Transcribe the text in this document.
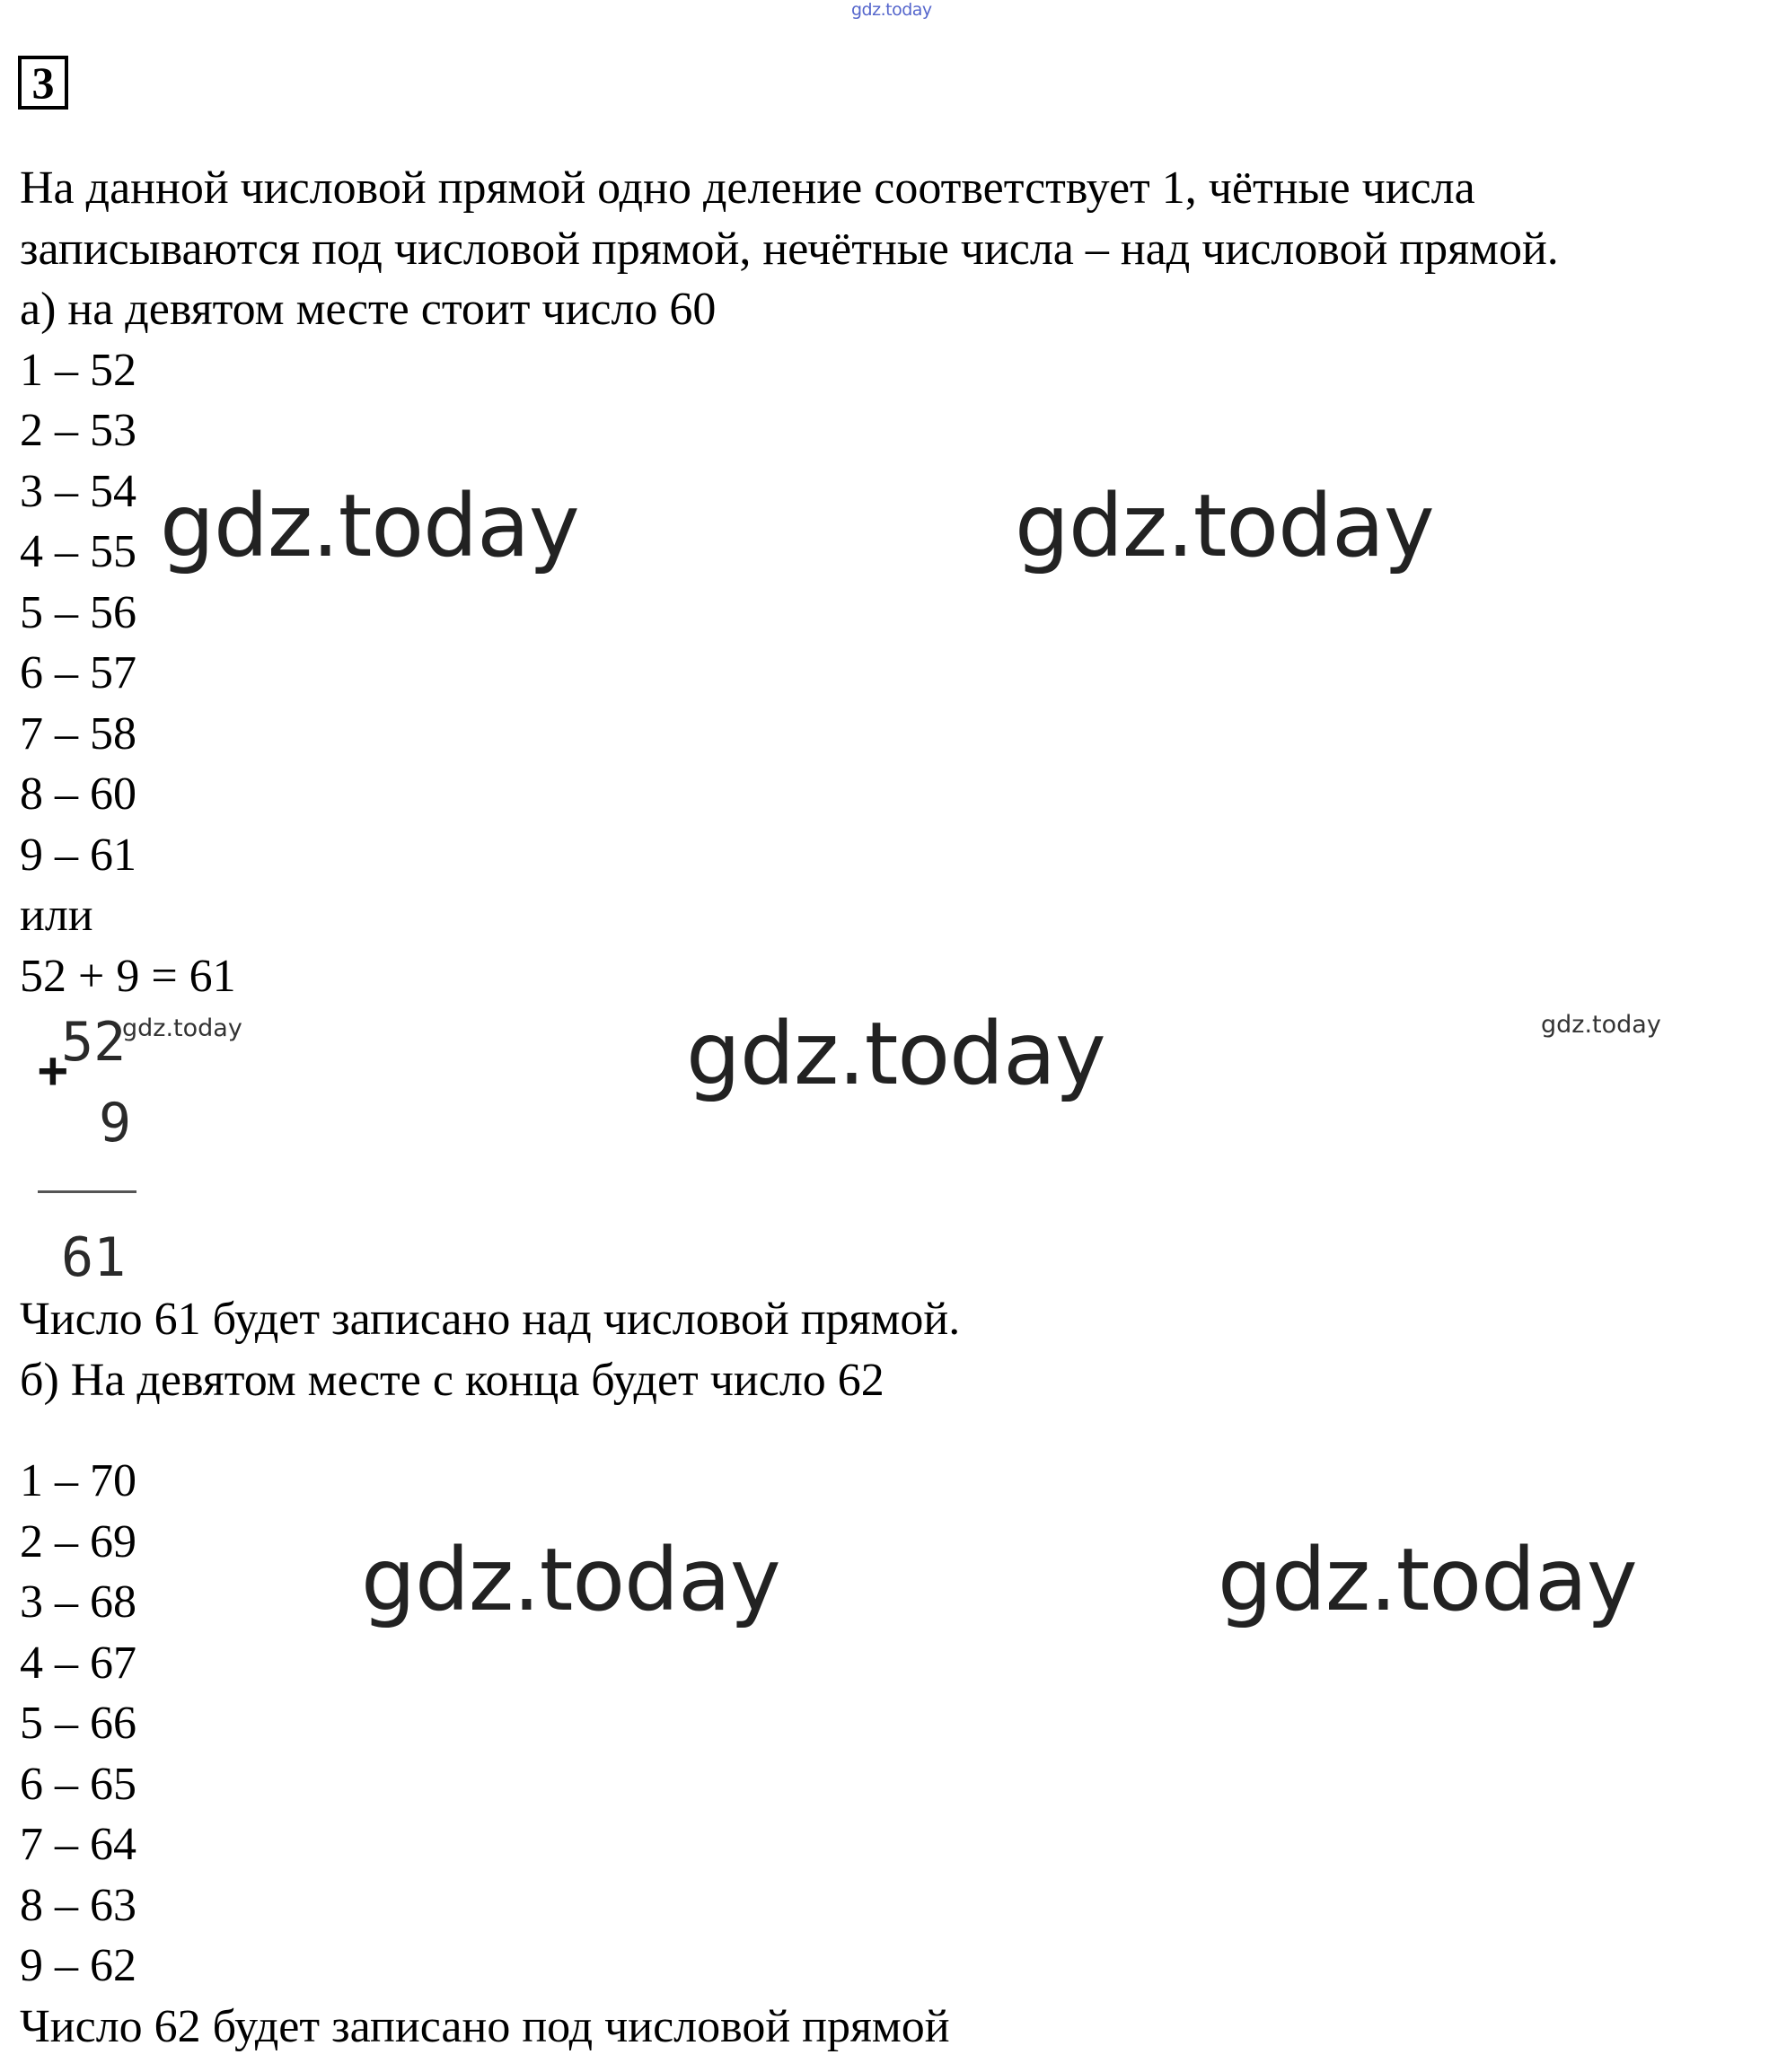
gdz.today
3
На данной числовой прямой одно деление соответствует 1, чётные числа
записываются под числовой прямой, нечётные числа – над числовой прямой.
а) на девятом месте стоит число 60
1 – 52
2 – 53
3 – 54
4 – 55
5 – 56
6 – 57
7 – 58
8 – 60
9 – 61
или
52 + 9 = 61
52
+
9
61
Число 61 будет записано над числовой прямой.
б) На девятом месте с конца будет число 62
1 – 70
2 – 69
3 – 68
4 – 67
5 – 66
6 – 65
7 – 64
8 – 63
9 – 62
Число 62 будет записано под числовой прямой
gdz.today	gdz.today
gdz.today
gdz.today	gdz.today
gdz.today	gdz.today
